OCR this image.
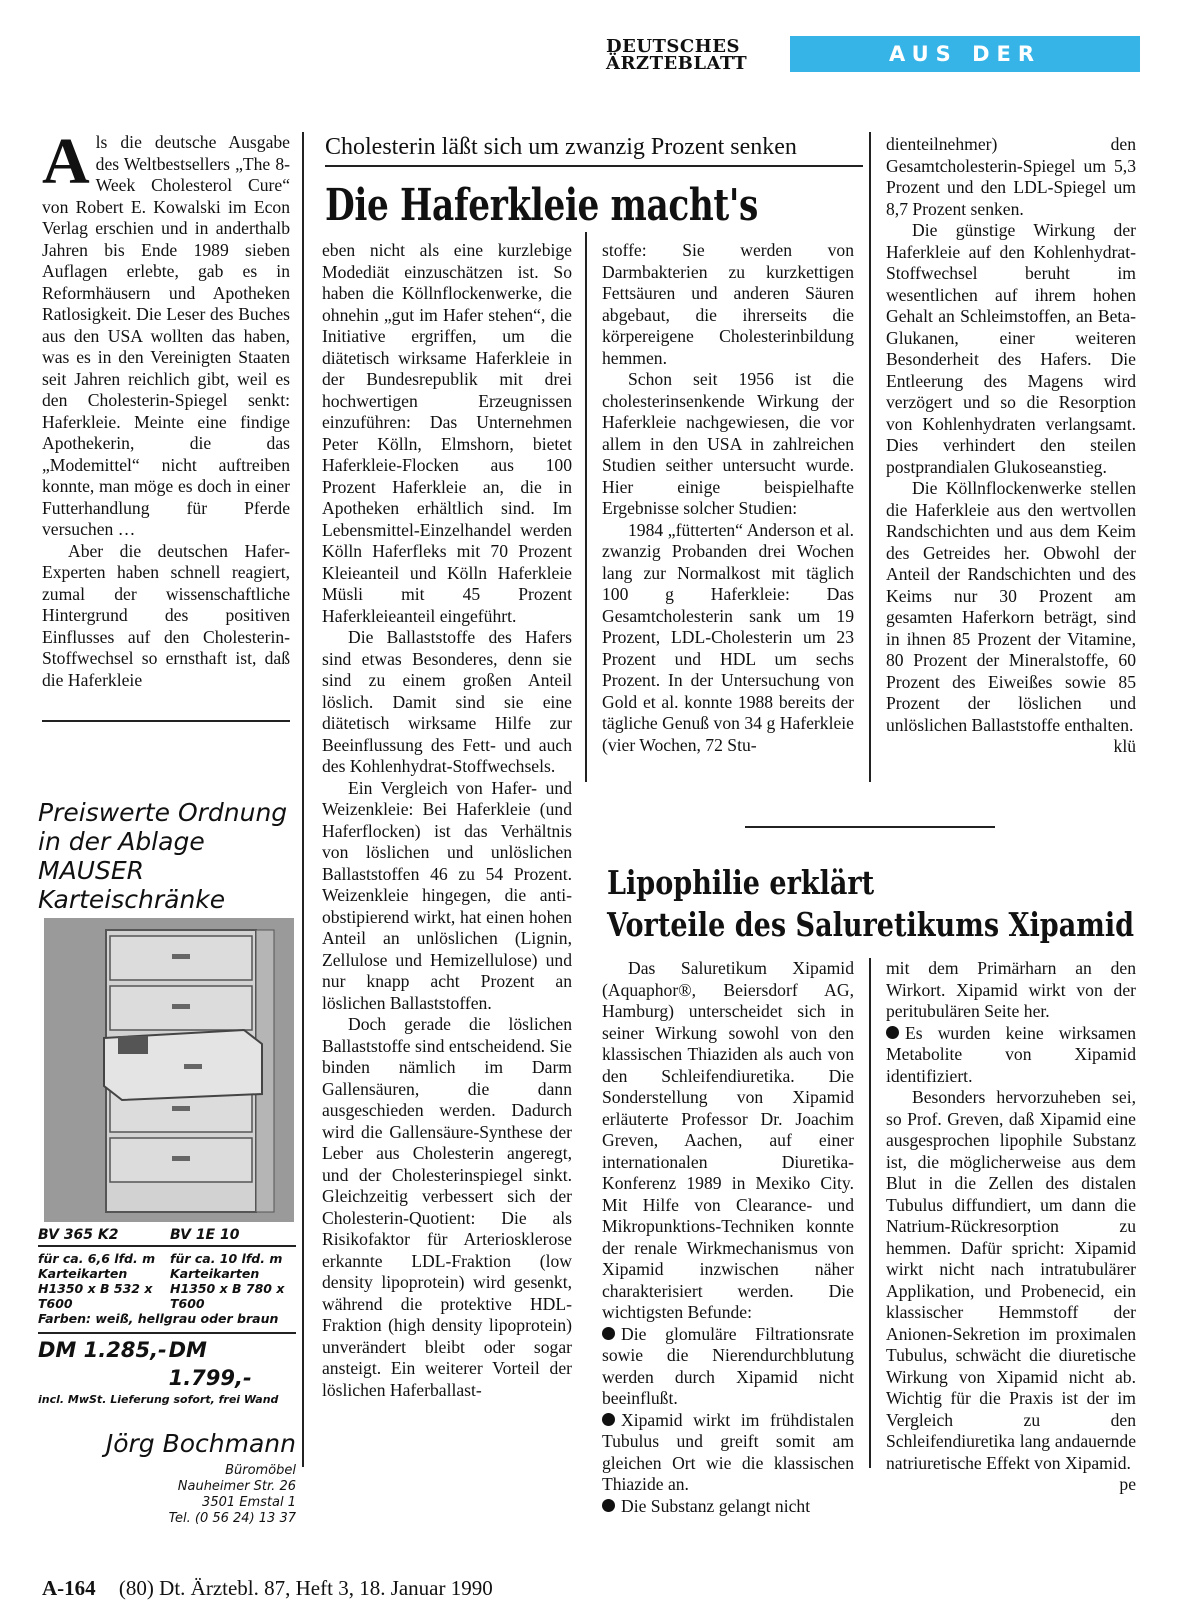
DEUTSCHES
ÄRZTEBLATT	AUS DER INDUSTRIE
A ls die deutsche Ausgabe des Weltbestsellers „The 8-Week Cholesterol Cure“ von Robert E. Kowalski im Econ Verlag erschien und in anderthalb Jahren bis Ende 1989 sieben Auflagen erlebte, gab es in Reformhäusern und Apotheken Ratlosigkeit. Die Leser des Buches aus den USA wollten das haben, was es in den Vereinigten Staaten seit Jahren reichlich gibt, weil es den Cholesterin-Spiegel senkt: Haferkleie. Meinte eine findige Apothekerin, die das „Modemittel“ nicht auftreiben konnte, man möge es doch in einer Futterhandlung für Pferde versuchen …

Aber die deutschen Hafer-Experten haben schnell reagiert, zumal der wissenschaftliche Hintergrund des positiven Einflusses auf den Cholesterin-Stoffwechsel so ernsthaft ist, daß die Haferkleie

Cholesterin läßt sich um zwanzig Prozent senken
Die Haferkleie macht's

eben nicht als eine kurzlebige Modediät einzuschätzen ist. So haben die Köllnflockenwerke, die ohnehin „gut im Hafer stehen“, die Initiative ergriffen, um die diätetisch wirksame Haferkleie in der Bundesrepublik mit drei hochwertigen Erzeugnissen einzuführen: Das Unternehmen Peter Kölln, Elmshorn, bietet Haferkleie-Flocken aus 100 Prozent Haferkleie an, die in Apotheken erhältlich sind. Im Lebensmittel-Einzelhandel werden Kölln Haferfleks mit 70 Prozent Kleieanteil und Kölln Haferkleie Müsli mit 45 Prozent Haferkleieanteil eingeführt.

Die Ballaststoffe des Hafers sind etwas Besonderes, denn sie sind zu einem großen Anteil löslich. Damit sind sie eine diätetisch wirksame Hilfe zur Beeinflussung des Fett- und auch des Kohlenhydrat-Stoffwechsels.

Ein Vergleich von Hafer- und Weizenkleie: Bei Haferkleie (und Haferflocken) ist das Verhältnis von löslichen und unlöslichen Ballaststoffen 46 zu 54 Prozent. Weizenkleie hingegen, die anti-obstipierend wirkt, hat einen hohen Anteil an unlöslichen (Lignin, Zellulose und Hemizellulose) und nur knapp acht Prozent an löslichen Ballaststoffen.

Doch gerade die löslichen Ballaststoffe sind entscheidend. Sie binden nämlich im Darm Gallensäuren, die dann ausgeschieden werden. Dadurch wird die Gallensäure-Synthese der Leber aus Cholesterin angeregt, und der Cholesterinspiegel sinkt. Gleichzeitig verbessert sich der Cholesterin-Quotient: Die als Risikofaktor für Arteriosklerose erkannte LDL-Fraktion (low density lipoprotein) wird gesenkt, während die protektive HDL-Fraktion (high density lipoprotein) unverändert bleibt oder sogar ansteigt. Ein weiterer Vorteil der löslichen Haferballast-

stoffe: Sie werden von Darmbakterien zu kurzkettigen Fettsäuren und anderen Säuren abgebaut, die ihrerseits die körpereigene Cholesterinbildung hemmen.

Schon seit 1956 ist die cholesterinsenkende Wirkung der Haferkleie nachgewiesen, die vor allem in den USA in zahlreichen Studien seither untersucht wurde. Hier einige beispielhafte Ergebnisse solcher Studien:

1984 „fütterten“ Anderson et al. zwanzig Probanden drei Wochen lang zur Normalkost mit täglich 100 g Haferkleie: Das Gesamtcholesterin sank um 19 Prozent, LDL-Cholesterin um 23 Prozent und HDL um sechs Prozent. In der Untersuchung von Gold et al. konnte 1988 bereits der tägliche Genuß von 34 g Haferkleie (vier Wochen, 72 Stu-

dienteilnehmer) den Gesamtcholesterin-Spiegel um 5,3 Prozent und den LDL-Spiegel um 8,7 Prozent senken.

Die günstige Wirkung der Haferkleie auf den Kohlenhydrat-Stoffwechsel beruht im wesentlichen auf ihrem hohen Gehalt an Schleimstoffen, an Beta-Glukanen, einer weiteren Besonderheit des Hafers. Die Entleerung des Magens wird verzögert und so die Resorption von Kohlenhydraten verlangsamt. Dies verhindert den steilen postprandialen Glukoseanstieg.

Die Köllnflockenwerke stellen die Haferkleie aus den wertvollen Randschichten und aus dem Keim des Getreides her. Obwohl der Anteil der Randschichten und des Keims nur 30 Prozent am gesamten Haferkorn beträgt, sind in ihnen 85 Prozent der Vitamine, 80 Prozent der Mineralstoffe, 60 Prozent des Eiweißes sowie 85 Prozent der löslichen und unlöslichen Ballaststoffe enthalten.
klü

Lipophilie erklärt
Vorteile des Saluretikums Xipamid

Das Saluretikum Xipamid (Aquaphor®, Beiersdorf AG, Hamburg) unterscheidet sich in seiner Wirkung sowohl von den klassischen Thiaziden als auch von den Schleifendiuretika. Die Sonderstellung von Xipamid erläuterte Professor Dr. Joachim Greven, Aachen, auf einer internationalen Diuretika-Konferenz 1989 in Mexiko City. Mit Hilfe von Clearance- und Mikropunktions-Techniken konnte der renale Wirkmechanismus von Xipamid inzwischen näher charakterisiert werden. Die wichtigsten Befunde:

Die glomuläre Filtrationsrate sowie die Nierendurchblutung werden durch Xipamid nicht beeinflußt.

Xipamid wirkt im frühdistalen Tubulus und greift somit am gleichen Ort wie die klassischen Thiazide an.

Die Substanz gelangt nicht

mit dem Primärharn an den Wirkort. Xipamid wirkt von der peritubulären Seite her.

Es wurden keine wirksamen Metabolite von Xipamid identifiziert.

Besonders hervorzuheben sei, so Prof. Greven, daß Xipamid eine ausgesprochen lipophile Substanz ist, die möglicherweise aus dem Blut in die Zellen des distalen Tubulus diffundiert, um dann die Natrium-Rückresorption zu hemmen. Dafür spricht: Xipamid wirkt nicht nach intratubulärer Applikation, und Probenecid, ein klassischer Hemmstoff der Anionen-Sekretion im proximalen Tubulus, schwächt die diuretische Wirkung von Xipamid nicht ab. Wichtig für die Praxis ist der im Vergleich zu den Schleifendiuretika lang andauernde natriuretische Effekt von Xipamid.
pe

Preiswerte Ordnung
in der Ablage
MAUSER
Karteischränke
BV 365 K2	BV 1E 10
für ca. 6,6 lfd. m
Karteikarten
H1350 x B 532 x
T600
für ca. 10 lfd. m
Karteikarten
H1350 x B 780 x
T600
Farben: weiß, hellgrau oder braun
DM 1.285,- DM 1.799,-
incl. MwSt. Lieferung sofort, frei Wand
Jörg Bochmann
Büromöbel
Nauheimer Str. 26
3501 Emstal 1
Tel. (0 56 24) 13 37
A-164 (80) Dt. Ärztebl. 87, Heft 3, 18. Januar 1990
